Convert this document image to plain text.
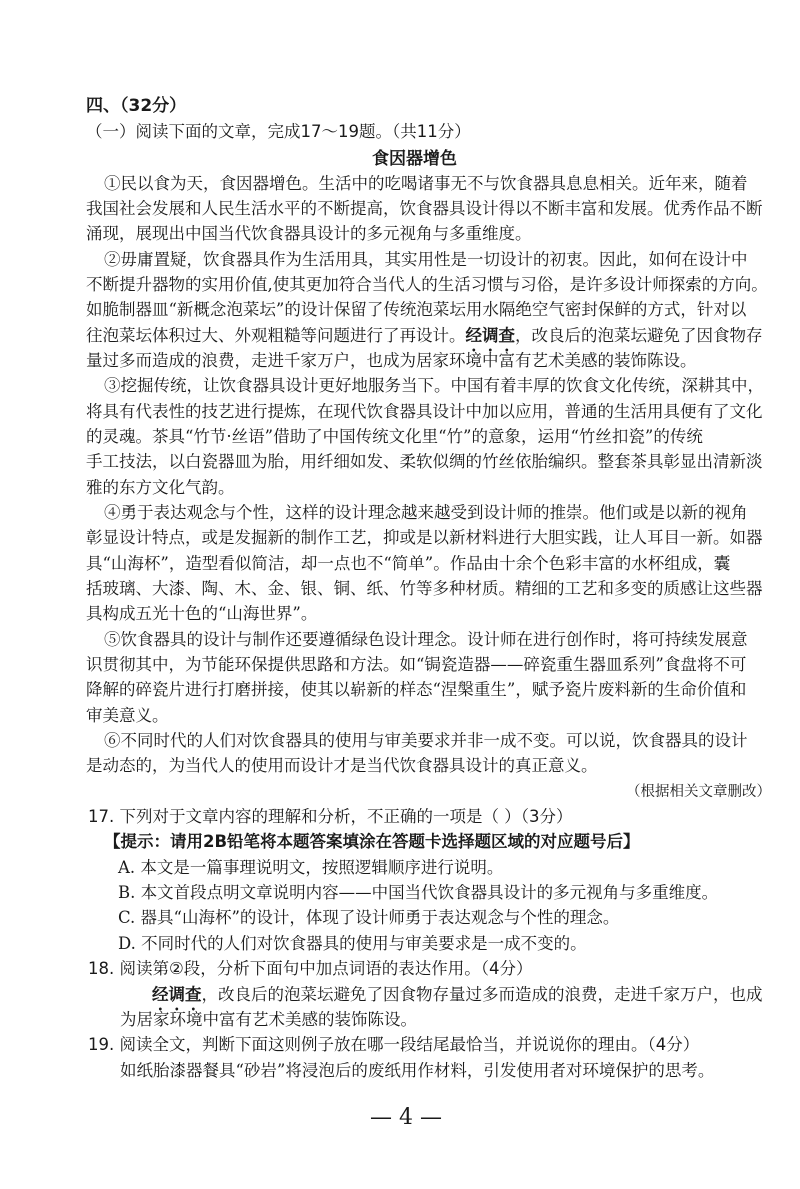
四、（32分）
（一）阅读下面的文章，完成17～19题。（共11分）
食因器增色
①民以食为天，食因器增色。生活中的吃喝诸事无不与饮食器具息息相关。近年来，随着
我国社会发展和人民生活水平的不断提高，饮食器具设计得以不断丰富和发展。优秀作品不断
涌现，展现出中国当代饮食器具设计的多元视角与多重维度。
②毋庸置疑，饮食器具作为生活用具，其实用性是一切设计的初衷。因此，如何在设计中
不断提升器物的实用价值,使其更加符合当代人的生活习惯与习俗，是许多设计师探索的方向。
如脆制器皿“新概念泡菜坛”的设计保留了传统泡菜坛用水隔绝空气密封保鲜的方式，针对以
往泡菜坛体积过大、外观粗糙等问题进行了再设计。经调查，改良后的泡菜坛避免了因食物存
量过多而造成的浪费，走进千家万户，也成为居家环境中富有艺术美感的装饰陈设。
③挖掘传统，让饮食器具设计更好地服务当下。中国有着丰厚的饮食文化传统，深耕其中，
将具有代表性的技艺进行提炼，在现代饮食器具设计中加以应用，普通的生活用具便有了文化
的灵魂。茶具“竹节·丝语”借助了中国传统文化里“竹”的意象，运用“竹丝扣瓷”的传统
手工技法，以白瓷器皿为胎，用纤细如发、柔软似绸的竹丝依胎编织。整套茶具彰显出清新淡
雅的东方文化气韵。
④勇于表达观念与个性，这样的设计理念越来越受到设计师的推崇。他们或是以新的视角
彰显设计特点，或是发掘新的制作工艺，抑或是以新材料进行大胆实践，让人耳目一新。如器
具“山海杯”，造型看似简洁，却一点也不“简单”。作品由十余个色彩丰富的水杯组成，囊
括玻璃、大漆、陶、木、金、银、铜、纸、竹等多种材质。精细的工艺和多变的质感让这些器
具构成五光十色的“山海世界”。
⑤饮食器具的设计与制作还要遵循绿色设计理念。设计师在进行创作时，将可持续发展意
识贯彻其中，为节能环保提供思路和方法。如“锔瓷造器——碎瓷重生器皿系列”食盘将不可
降解的碎瓷片进行打磨拼接，使其以崭新的样态“涅槃重生”，赋予瓷片废料新的生命价值和
审美意义。
⑥不同时代的人们对饮食器具的使用与审美要求并非一成不变。可以说，饮食器具的设计
是动态的，为当代人的使用而设计才是当代饮食器具设计的真正意义。
（根据相关文章删改）
17. 下列对于文章内容的理解和分析，不正确的一项是（ ）（3分）
【提示：请用2B铅笔将本题答案填涂在答题卡选择题区域的对应题号后】
A. 本文是一篇事理说明文，按照逻辑顺序进行说明。
B. 本文首段点明文章说明内容——中国当代饮食器具设计的多元视角与多重维度。
C. 器具“山海杯”的设计，体现了设计师勇于表达观念与个性的理念。
D. 不同时代的人们对饮食器具的使用与审美要求是一成不变的。
18. 阅读第②段，分析下面句中加点词语的表达作用。（4分）
经调查，改良后的泡菜坛避免了因食物存量过多而造成的浪费，走进千家万户，也成
为居家环境中富有艺术美感的装饰陈设。
19. 阅读全文，判断下面这则例子放在哪一段结尾最恰当，并说说你的理由。（4分）
如纸胎漆器餐具“砂岩”将浸泡后的废纸用作材料，引发使用者对环境保护的思考。
— 4 —
